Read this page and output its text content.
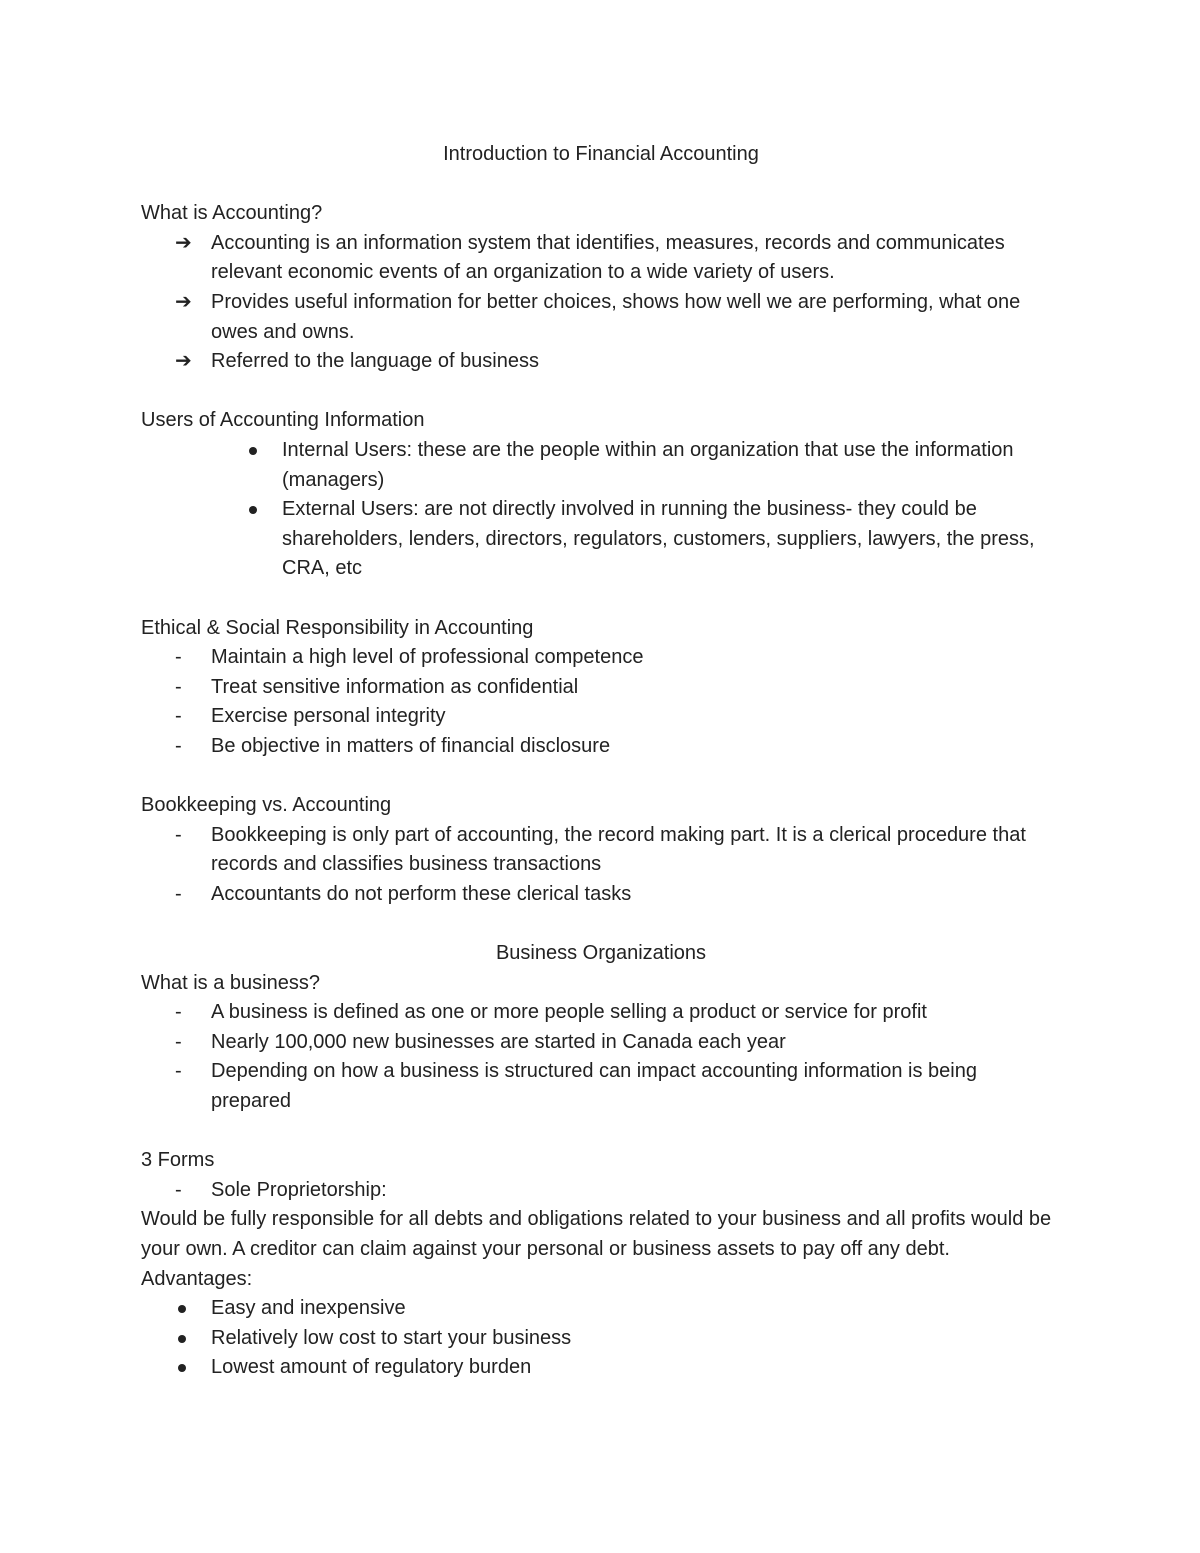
Introduction to Financial Accounting
What is Accounting?
➔ Accounting is an information system that identifies, measures, records and communicates relevant economic events of an organization to a wide variety of users.
➔ Provides useful information for better choices, shows how well we are performing, what one owes and owns.
➔ Referred to the language of business
Users of Accounting Information
Internal Users: these are the people within an organization that use the information (managers)
External Users: are not directly involved in running the business- they could be shareholders, lenders, directors, regulators, customers, suppliers, lawyers, the press, CRA, etc
Ethical & Social Responsibility in Accounting
- Maintain a high level of professional competence
- Treat sensitive information as confidential
- Exercise personal integrity
- Be objective in matters of financial disclosure
Bookkeeping vs. Accounting
- Bookkeeping is only part of accounting, the record making part. It is a clerical procedure that records and classifies business transactions
- Accountants do not perform these clerical tasks
Business Organizations
What is a business?
- A business is defined as one or more people selling a product or service for profit
- Nearly 100,000 new businesses are started in Canada each year
- Depending on how a business is structured can impact accounting information is being prepared
3 Forms
- Sole Proprietorship:

Would be fully responsible for all debts and obligations related to your business and all profits would be your own. A creditor can claim against your personal or business assets to pay off any debt.

Advantages:
Easy and inexpensive
Relatively low cost to start your business
Lowest amount of regulatory burden
